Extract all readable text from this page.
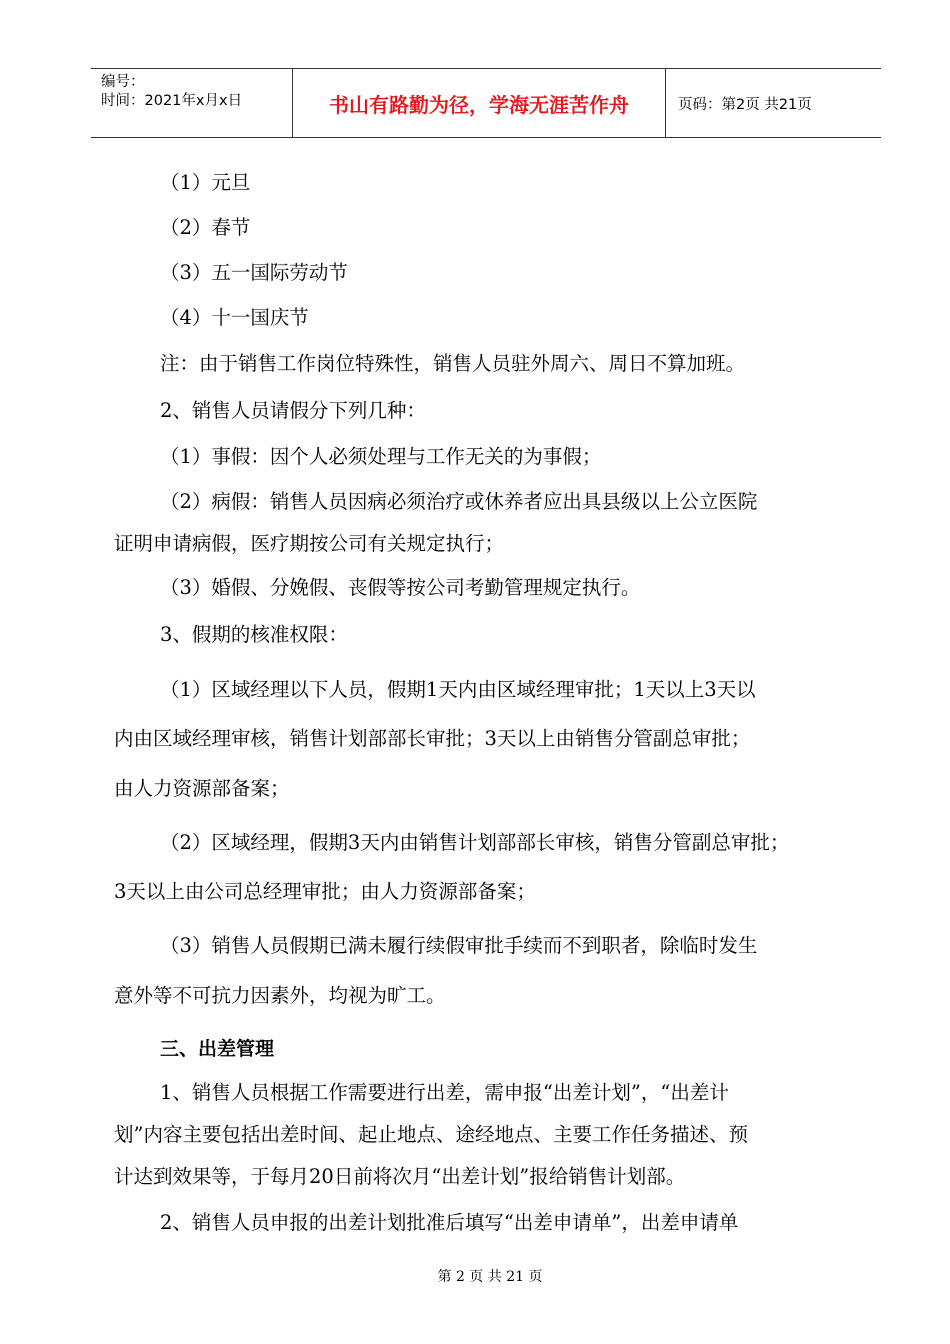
编号：
时间：2021年x月x日	书山有路勤为径，学海无涯苦作舟	页码：第2页 共21页
（1）元旦
（2）春节
（3）五一国际劳动节
（4）十一国庆节
注：由于销售工作岗位特殊性，销售人员驻外周六、周日不算加班。
2、销售人员请假分下列几种：
（1）事假：因个人必须处理与工作无关的为事假；
（2）病假：销售人员因病必须治疗或休养者应出具县级以上公立医院
证明申请病假，医疗期按公司有关规定执行；
（3）婚假、分娩假、丧假等按公司考勤管理规定执行。
3、假期的核准权限：
（1）区域经理以下人员，假期1天内由区域经理审批；1天以上3天以
内由区域经理审核，销售计划部部长审批；3天以上由销售分管副总审批；
由人力资源部备案；
（2）区域经理，假期3天内由销售计划部部长审核，销售分管副总审批；
3天以上由公司总经理审批；由人力资源部备案；
（3）销售人员假期已满未履行续假审批手续而不到职者，除临时发生
意外等不可抗力因素外，均视为旷工。
三、出差管理
1、销售人员根据工作需要进行出差，需申报“出差计划”，“出差计
划”内容主要包括出差时间、起止地点、途经地点、主要工作任务描述、预
计达到效果等，于每月20日前将次月“出差计划”报给销售计划部。
2、销售人员申报的出差计划批准后填写“出差申请单”，出差申请单
第 2 页 共 21 页
